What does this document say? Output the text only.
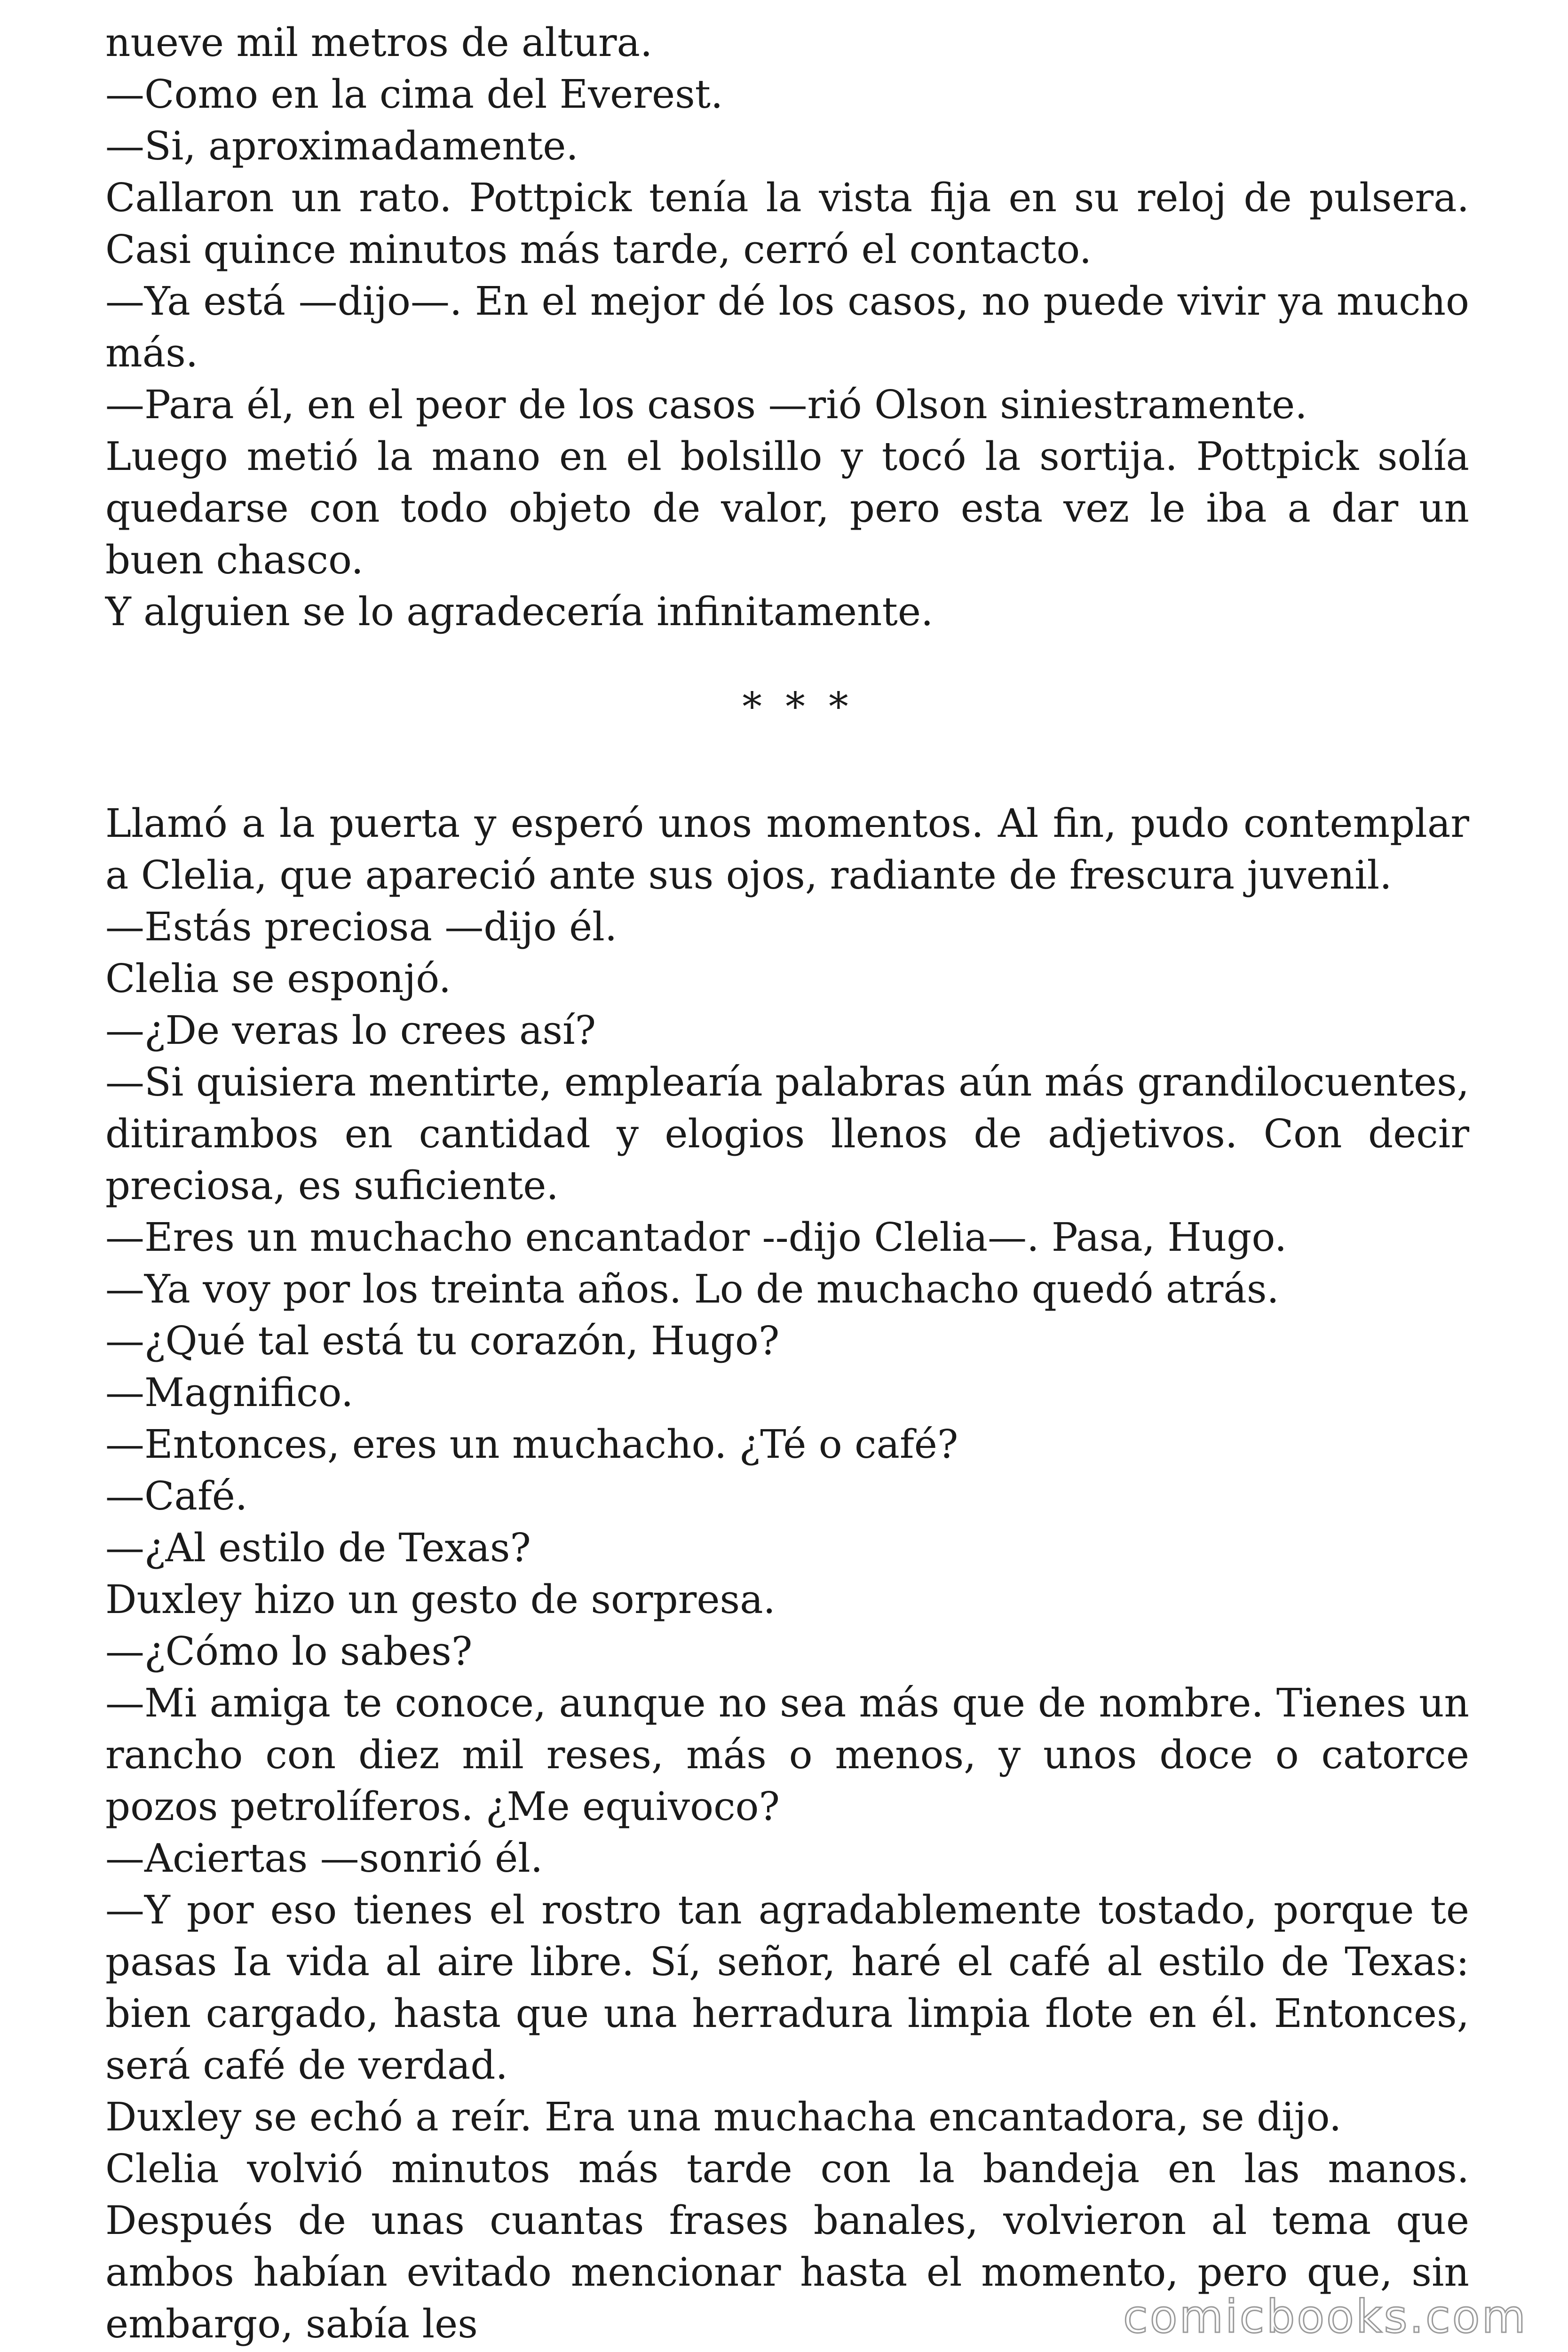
nueve mil metros de altura.

—Como en la cima del Everest.

—Si, aproximadamente.

Callaron un rato. Pottpick tenía la vista fija en su reloj de pulsera. Casi quince minutos más tarde, cerró el contacto.

—Ya está —dijo—. En el mejor dé los casos, no puede vivir ya mucho más.

—Para él, en el peor de los casos —rió Olson siniestramente.

Luego metió la mano en el bolsillo y tocó la sortija. Pottpick solía quedarse con todo objeto de valor, pero esta vez le iba a dar un buen chasco.

Y alguien se lo agradecería infinitamente.

* * *

Llamó a la puerta y esperó unos momentos. Al fin, pudo contemplar a Clelia, que apareció ante sus ojos, radiante de frescura juvenil.

—Estás preciosa —dijo él.

Clelia se esponjó.

—¿De veras lo crees así?

—Si quisiera mentirte, emplearía palabras aún más grandilocuentes, ditirambos en cantidad y elogios llenos de adjetivos. Con decir preciosa, es suficiente.

—Eres un muchacho encantador --dijo Clelia—. Pasa, Hugo.

—Ya voy por los treinta años. Lo de muchacho quedó atrás.

—¿Qué tal está tu corazón, Hugo?

—Magnifico.

—Entonces, eres un muchacho. ¿Té o café?

—Café.

—¿Al estilo de Texas?

Duxley hizo un gesto de sorpresa.

—¿Cómo lo sabes?

—Mi amiga te conoce, aunque no sea más que de nombre. Tienes un rancho con diez mil reses, más o menos, y unos doce o catorce pozos petrolíferos. ¿Me equivoco?

—Aciertas —sonrió él.

—Y por eso tienes el rostro tan agradablemente tostado, porque te pasas Ia vida al aire libre. Sí, señor, haré el café al estilo de Texas: bien cargado, hasta que una herradura limpia flote en él. Entonces, será café de verdad.

Duxley se echó a reír. Era una muchacha encantadora, se dijo.

Clelia volvió minutos más tarde con la bandeja en las manos. Después de unas cuantas frases banales, volvieron al tema que ambos habían evitado mencionar hasta el momento, pero que, sin embargo, sabía les	comicbooks.com
